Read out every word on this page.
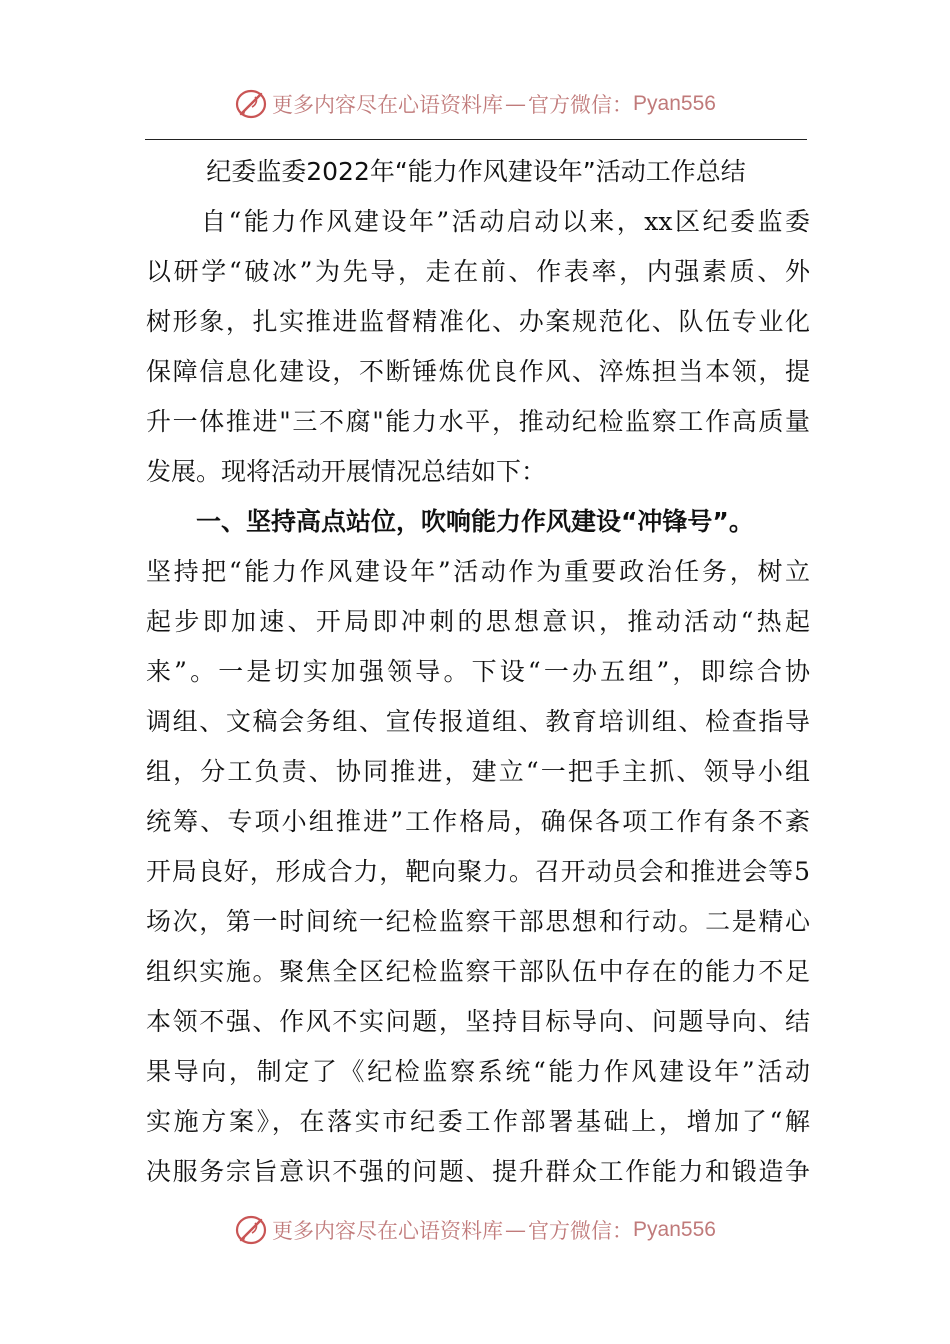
更多内容尽在心语资料库 — 官方微信： Pyan556
纪委监委2022年“能力作风建设年”活动工作总结
　　自“能力作风建设年”活动启动以来，xx区纪委监委
以研学“破冰”为先导，走在前、作表率，内强素质、外
树形象，扎实推进监督精准化、办案规范化、队伍专业化
保障信息化建设，不断锤炼优良作风、淬炼担当本领，提
升一体推进"三不腐"能力水平，推动纪检监察工作高质量
发展。现将活动开展情况总结如下：
　　一、坚持高点站位，吹响能力作风建设“冲锋号”。
坚持把“能力作风建设年”活动作为重要政治任务，树立
起步即加速、开局即冲刺的思想意识，推动活动“热起
来”。一是切实加强领导。下设“一办五组”，即综合协
调组、文稿会务组、宣传报道组、教育培训组、检查指导
组，分工负责、协同推进，建立“一把手主抓、领导小组
统筹、专项小组推进”工作格局，确保各项工作有条不紊
开局良好，形成合力，靶向聚力。召开动员会和推进会等5
场次，第一时间统一纪检监察干部思想和行动。二是精心
组织实施。聚焦全区纪检监察干部队伍中存在的能力不足
本领不强、作风不实问题，坚持目标导向、问题导向、结
果导向，制定了《纪检监察系统“能力作风建设年”活动
实施方案》，在落实市纪委工作部署基础上，增加了“解
决服务宗旨意识不强的问题、提升群众工作能力和锻造争
更多内容尽在心语资料库 — 官方微信： Pyan556
